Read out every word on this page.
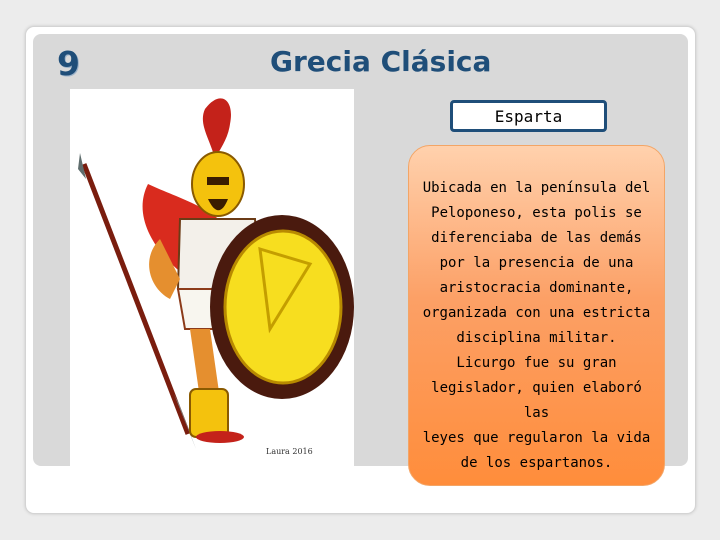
9	Grecia Clásica
Laura 2016
Esparta

Ubicada en la península del

Peloponeso, esta polis se

diferenciaba de las demás

por la presencia de una

aristocracia dominante,

organizada con una estricta

disciplina militar.

Licurgo fue su gran

legislador, quien elaboró las

leyes que regularon la vida

de los espartanos.
